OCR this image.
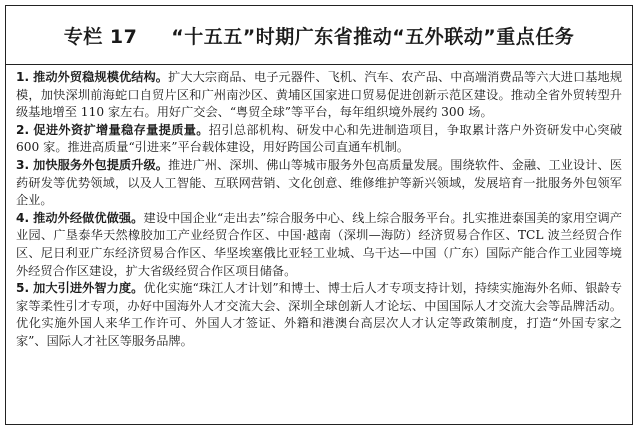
专栏 17 “十五五”时期广东省推动“五外联动”重点任务

1. 推动外贸稳规模优结构。扩大大宗商品、电子元器件、飞机、汽车、农产品、中高端消费品等六大进口基地规模，加快深圳前海蛇口自贸片区和广州南沙区、黄埔区国家进口贸易促进创新示范区建设。推动全省外贸转型升级基地增至 110 家左右。用好广交会、“粤贸全球”等平台，每年组织境外展约 300 场。

2. 促进外资扩增量稳存量提质量。招引总部机构、研发中心和先进制造项目，争取累计落户外资研发中心突破 600 家。推进高质量“引进来”平台载体建设，用好跨国公司直通车机制。

3. 加快服务外包提质升级。推进广州、深圳、佛山等城市服务外包高质量发展。围绕软件、金融、工业设计、医药研发等优势领域，以及人工智能、互联网营销、文化创意、维修维护等新兴领域，发展培育一批服务外包领军企业。

4. 推动外经做优做强。建设中国企业“走出去”综合服务中心、线上综合服务平台。扎实推进泰国美的家用空调产业园、广垦泰华天然橡胶加工产业经贸合作区、中国·越南（深圳—海防）经济贸易合作区、TCL 波兰经贸合作区、尼日利亚广东经济贸易合作区、华坚埃塞俄比亚轻工业城、乌干达—中国（广东）国际产能合作工业园等境外经贸合作区建设，扩大省级经贸合作区项目储备。

5. 加大引进外智力度。优化实施“珠江人才计划”和博士、博士后人才专项支持计划，持续实施海外名师、银龄专家等柔性引才专项，办好中国海外人才交流大会、深圳全球创新人才论坛、中国国际人才交流大会等品牌活动。优化实施外国人来华工作许可、外国人才签证、外籍和港澳台高层次人才认定等政策制度，打造“外国专家之家”、国际人才社区等服务品牌。
